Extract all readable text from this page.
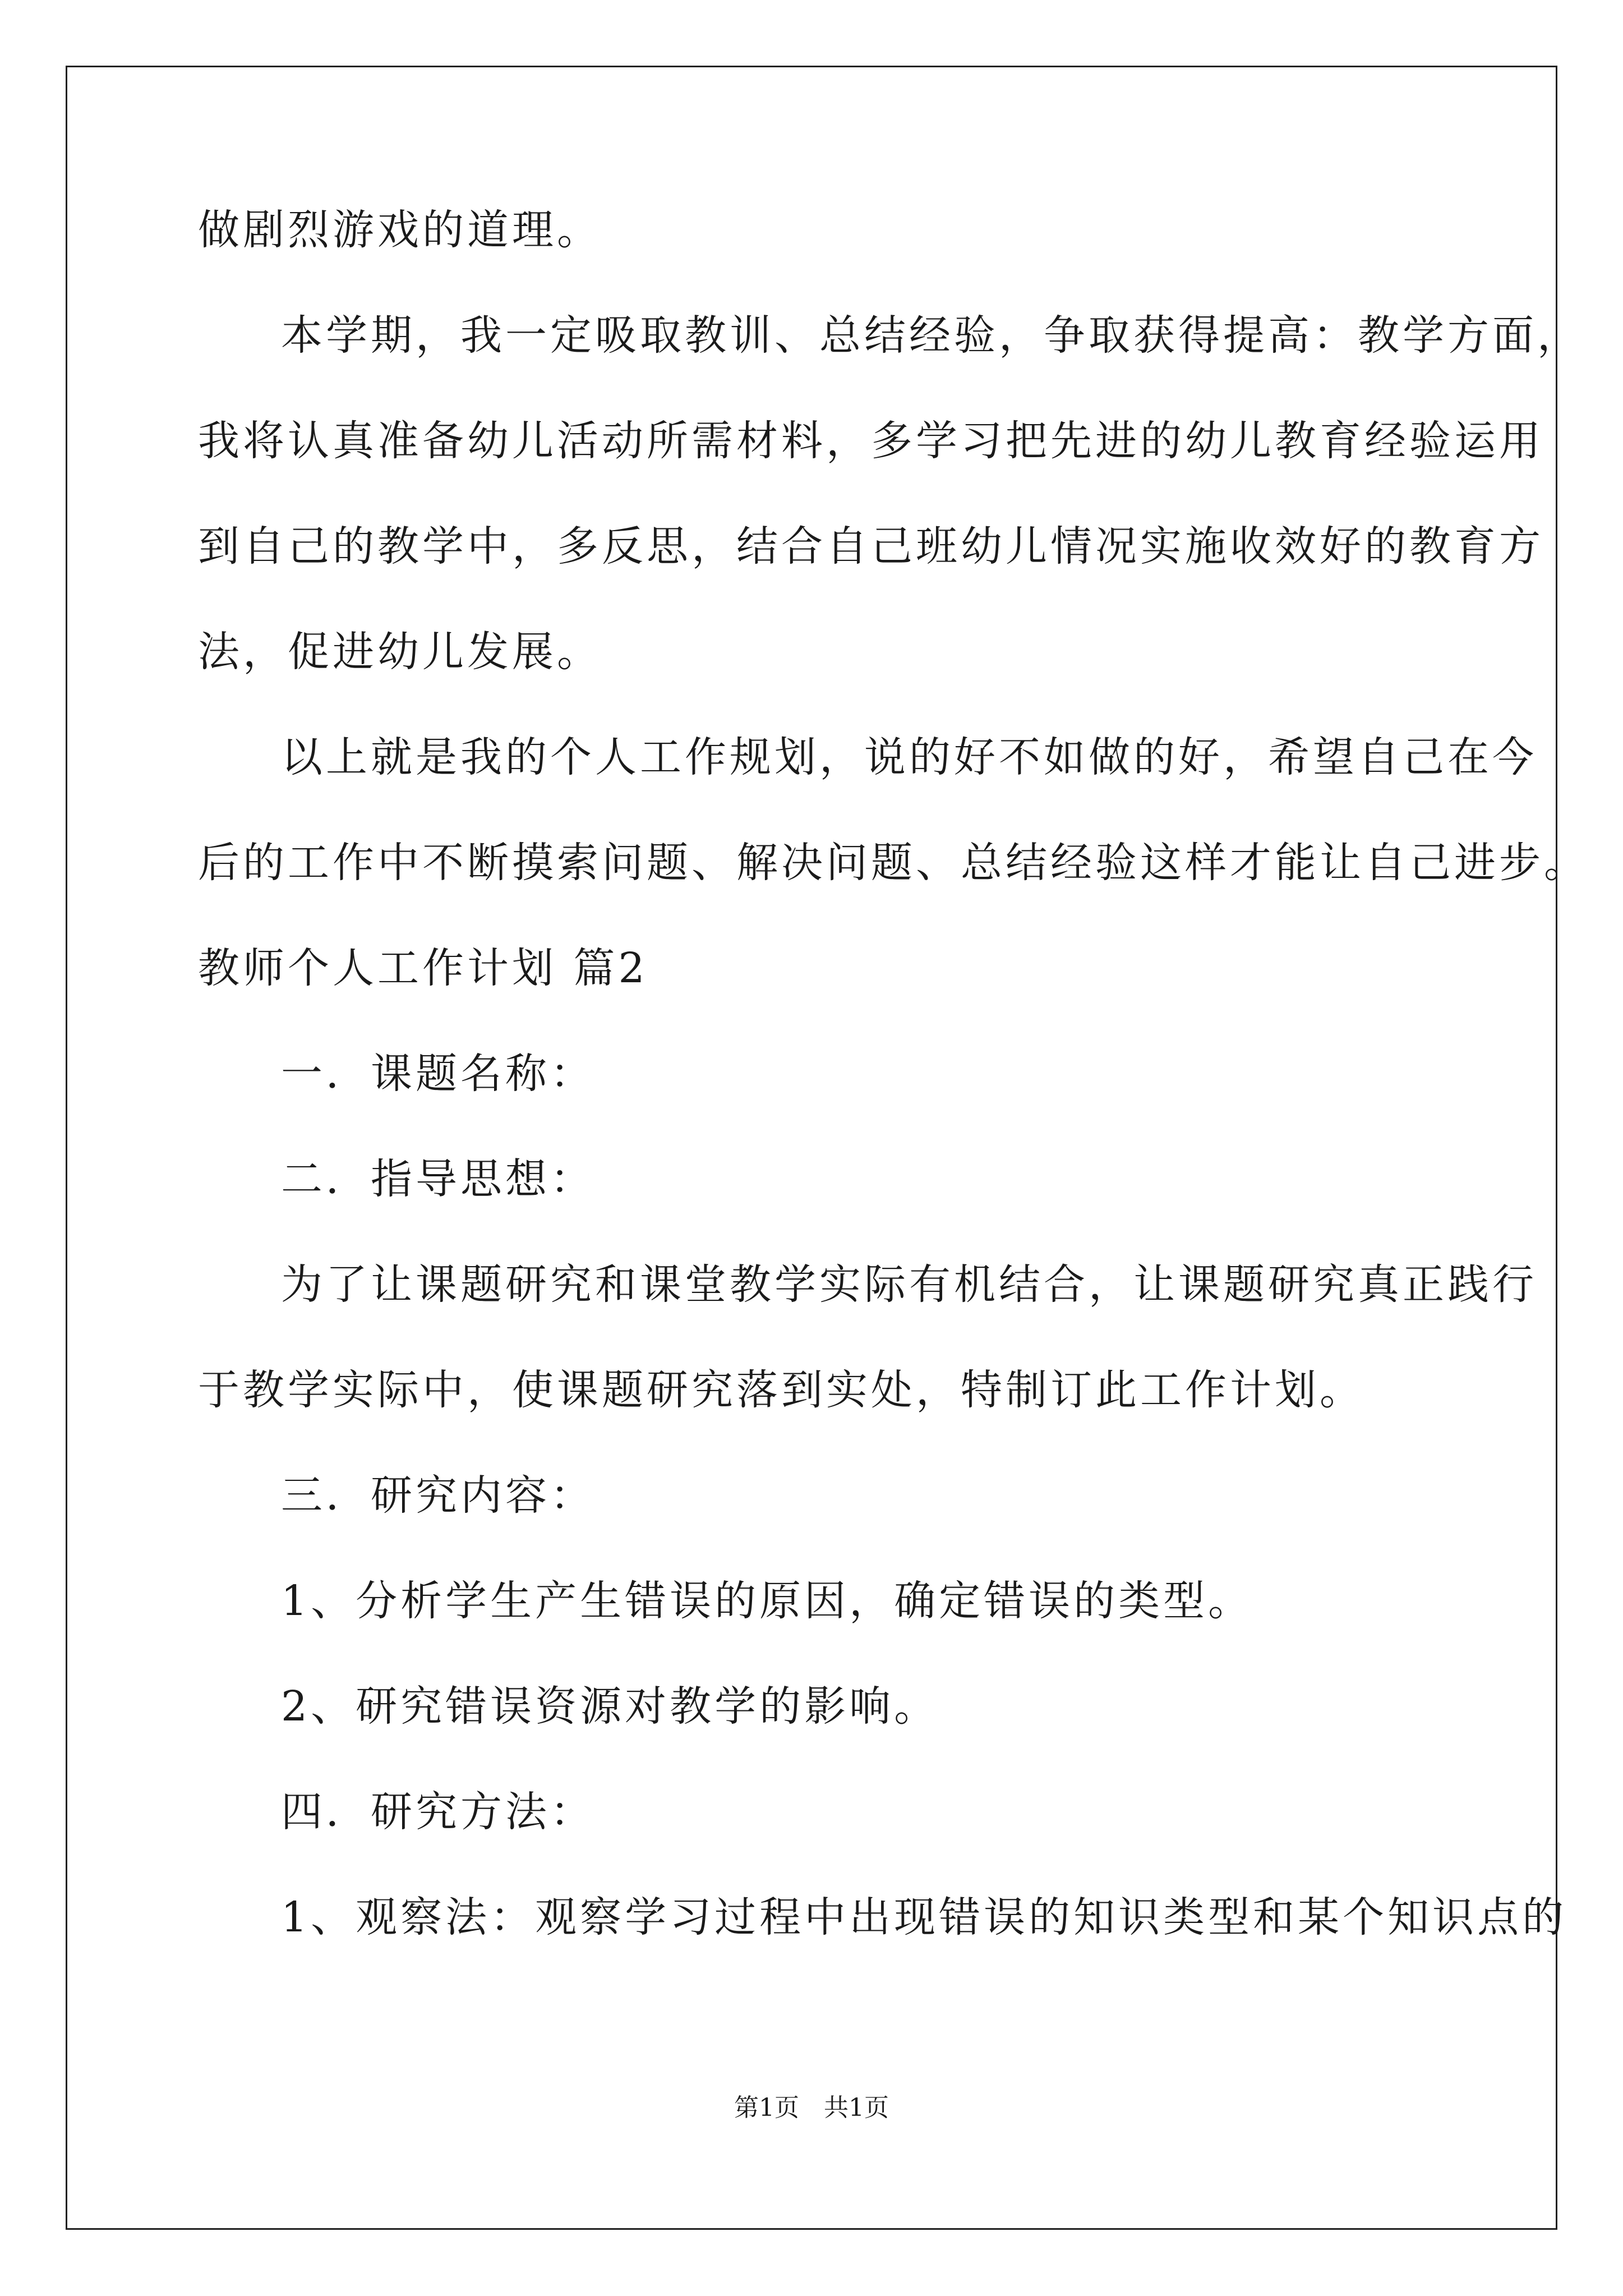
做剧烈游戏的道理。
本学期，我一定吸取教训、总结经验，争取获得提高：教学方面，
我将认真准备幼儿活动所需材料，多学习把先进的幼儿教育经验运用
到自己的教学中，多反思，结合自己班幼儿情况实施收效好的教育方
法，促进幼儿发展。
以上就是我的个人工作规划，说的好不如做的好，希望自己在今
后的工作中不断摸索问题、解决问题、总结经验这样才能让自己进步。
教师个人工作计划 篇2
一．课题名称：
二．指导思想：
为了让课题研究和课堂教学实际有机结合，让课题研究真正践行
于教学实际中，使课题研究落到实处，特制订此工作计划。
三．研究内容：
1、分析学生产生错误的原因，确定错误的类型。
2、研究错误资源对教学的影响。
四．研究方法：
1、观察法：观察学习过程中出现错误的知识类型和某个知识点的
第1页　共1页
